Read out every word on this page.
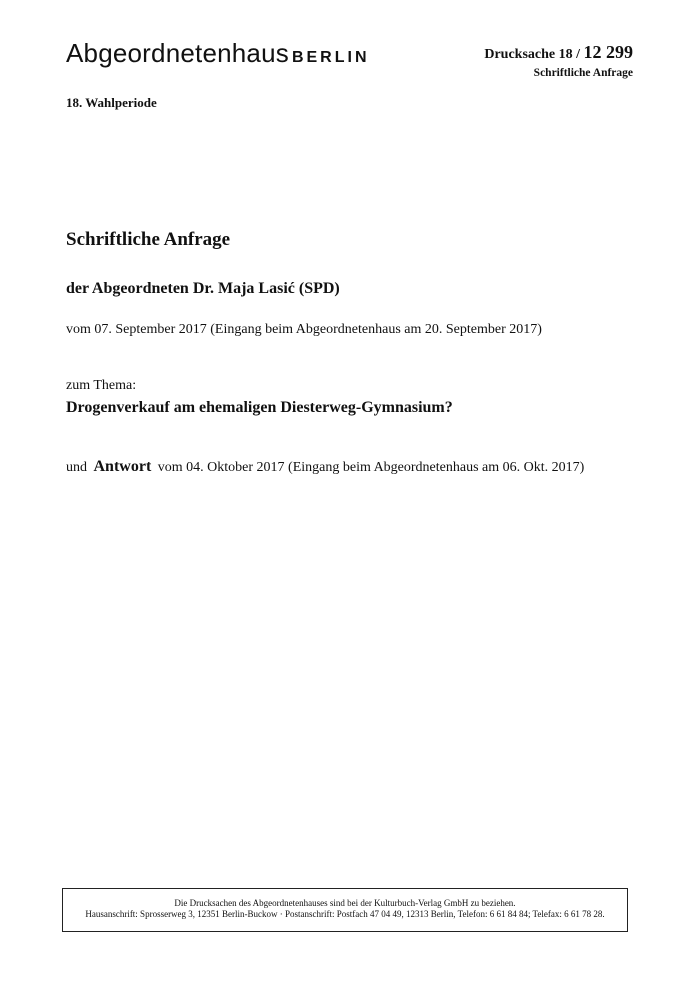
Abgeordnetenhaus BERLIN	Drucksache 18 / 12 299
Schriftliche Anfrage
18. Wahlperiode
Schriftliche Anfrage
der Abgeordneten Dr. Maja Lasić (SPD)
vom 07. September 2017 (Eingang beim Abgeordnetenhaus am 20. September 2017)
zum Thema:
Drogenverkauf am ehemaligen Diesterweg-Gymnasium?
und Antwort vom 04. Oktober 2017 (Eingang beim Abgeordnetenhaus am 06. Okt. 2017)
Die Drucksachen des Abgeordnetenhauses sind bei der Kulturbuch-Verlag GmbH zu beziehen.
Hausanschrift: Sprosserweg 3, 12351 Berlin-Buckow · Postanschrift: Postfach 47 04 49, 12313 Berlin, Telefon: 6 61 84 84; Telefax: 6 61 78 28.
